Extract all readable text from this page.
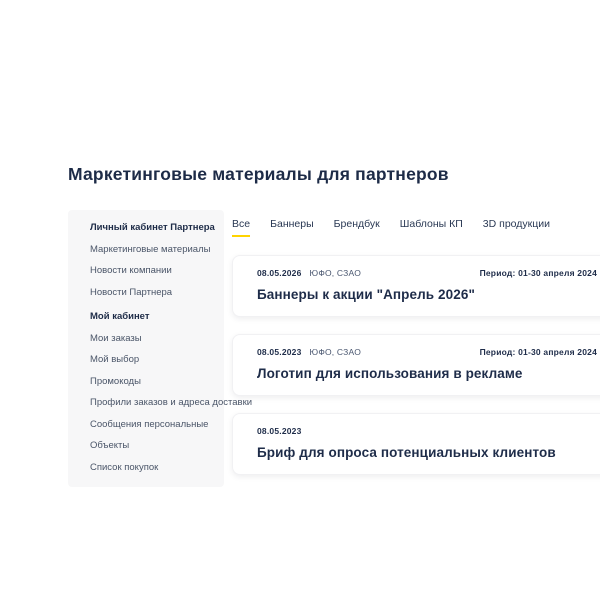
Маркетинговые материалы для партнеров
Личный кабинет Партнера
Маркетинговые материалы
Новости компании
Новости Партнера
Мой кабинет
Мои заказы
Мой выбор
Промокоды
Профили заказов и адреса доставки
Сообщения персональные
Объекты
Список покупок
Все Баннеры Брендбук Шаблоны КП 3D продукции
08.05.2026 ЮФО, СЗАО	Период: 01-30 апреля 2024
Баннеры к акции "Апрель 2026"
08.05.2023 ЮФО, СЗАО	Период: 01-30 апреля 2024
Логотип для использования в рекламе
08.05.2023
Бриф для опроса потенциальных клиентов
